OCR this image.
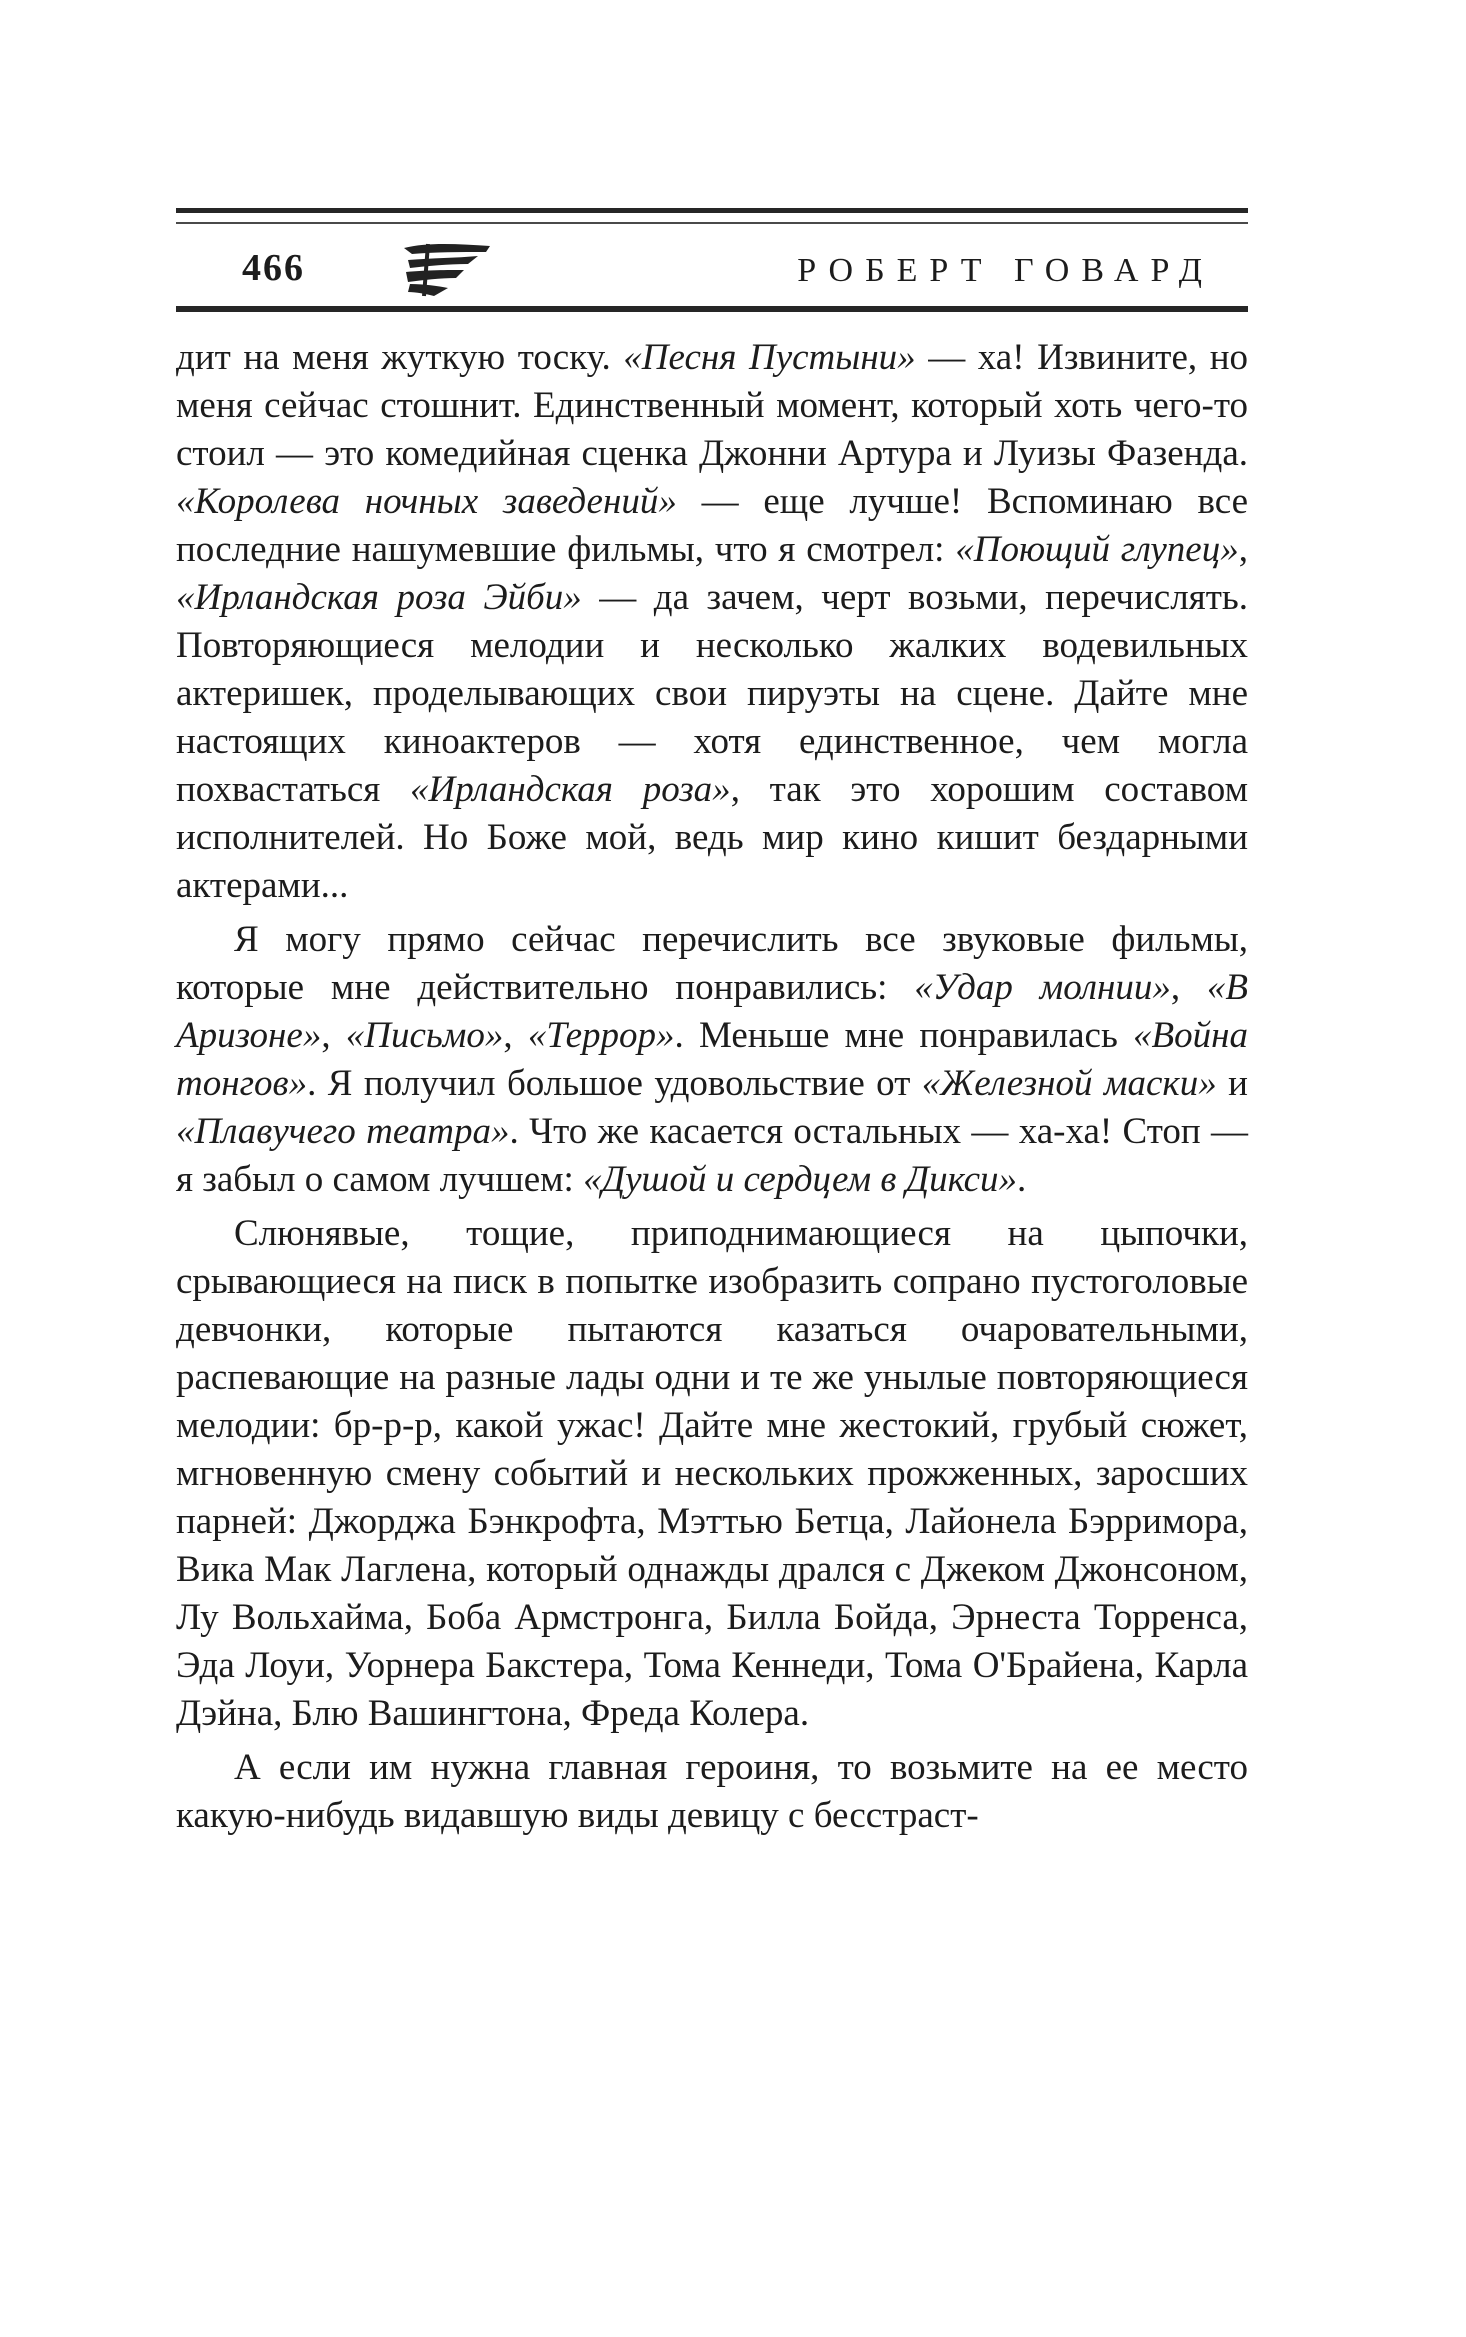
466	РОБЕРТ ГОВАРД

дит на меня жуткую тоску. «Песня Пустыни» — ха! Извините, но меня сейчас стошнит. Единственный момент, который хоть чего-то стоил — это комедийная сценка Джонни Артура и Луизы Фазенда. «Королева ночных заведений» — еще лучше! Вспоминаю все последние нашумевшие фильмы, что я смотрел: «Поющий глупец», «Ирландская роза Эйби» — да зачем, черт возьми, перечислять. Повторяющиеся мелодии и несколько жалких водевильных актеришек, проделывающих свои пируэты на сцене. Дайте мне настоящих киноактеров — хотя единственное, чем могла похвастаться «Ирландская роза», так это хорошим составом исполнителей. Но Боже мой, ведь мир кино кишит бездарными актерами...

Я могу прямо сейчас перечислить все звуковые фильмы, которые мне действительно понравились: «Удар молнии», «В Аризоне», «Письмо», «Террор». Меньше мне понравилась «Война тонгов». Я получил большое удовольствие от «Железной маски» и «Плавучего театра». Что же касается остальных — ха-ха! Стоп — я забыл о самом лучшем: «Душой и сердцем в Дикси».

Слюнявые, тощие, приподнимающиеся на цыпочки, срывающиеся на писк в попытке изобразить сопрано пустоголовые девчонки, которые пытаются казаться очаровательными, распевающие на разные лады одни и те же унылые повторяющиеся мелодии: бр-р-р, какой ужас! Дайте мне жестокий, грубый сюжет, мгновенную смену событий и нескольких прожженных, заросших парней: Джорджа Бэнкрофта, Мэттью Бетца, Лайонела Бэрримора, Вика Мак Лаглена, который однажды дрался с Джеком Джонсоном, Лу Вольхайма, Боба Армстронга, Билла Бойда, Эрнеста Торренса, Эда Лоуи, Уорнера Бакстера, Тома Кеннеди, Тома О'Брайена, Карла Дэйна, Блю Вашингтона, Фреда Колера.

А если им нужна главная героиня, то возьмите на ее место какую-нибудь видавшую виды девицу с бесстраст-
